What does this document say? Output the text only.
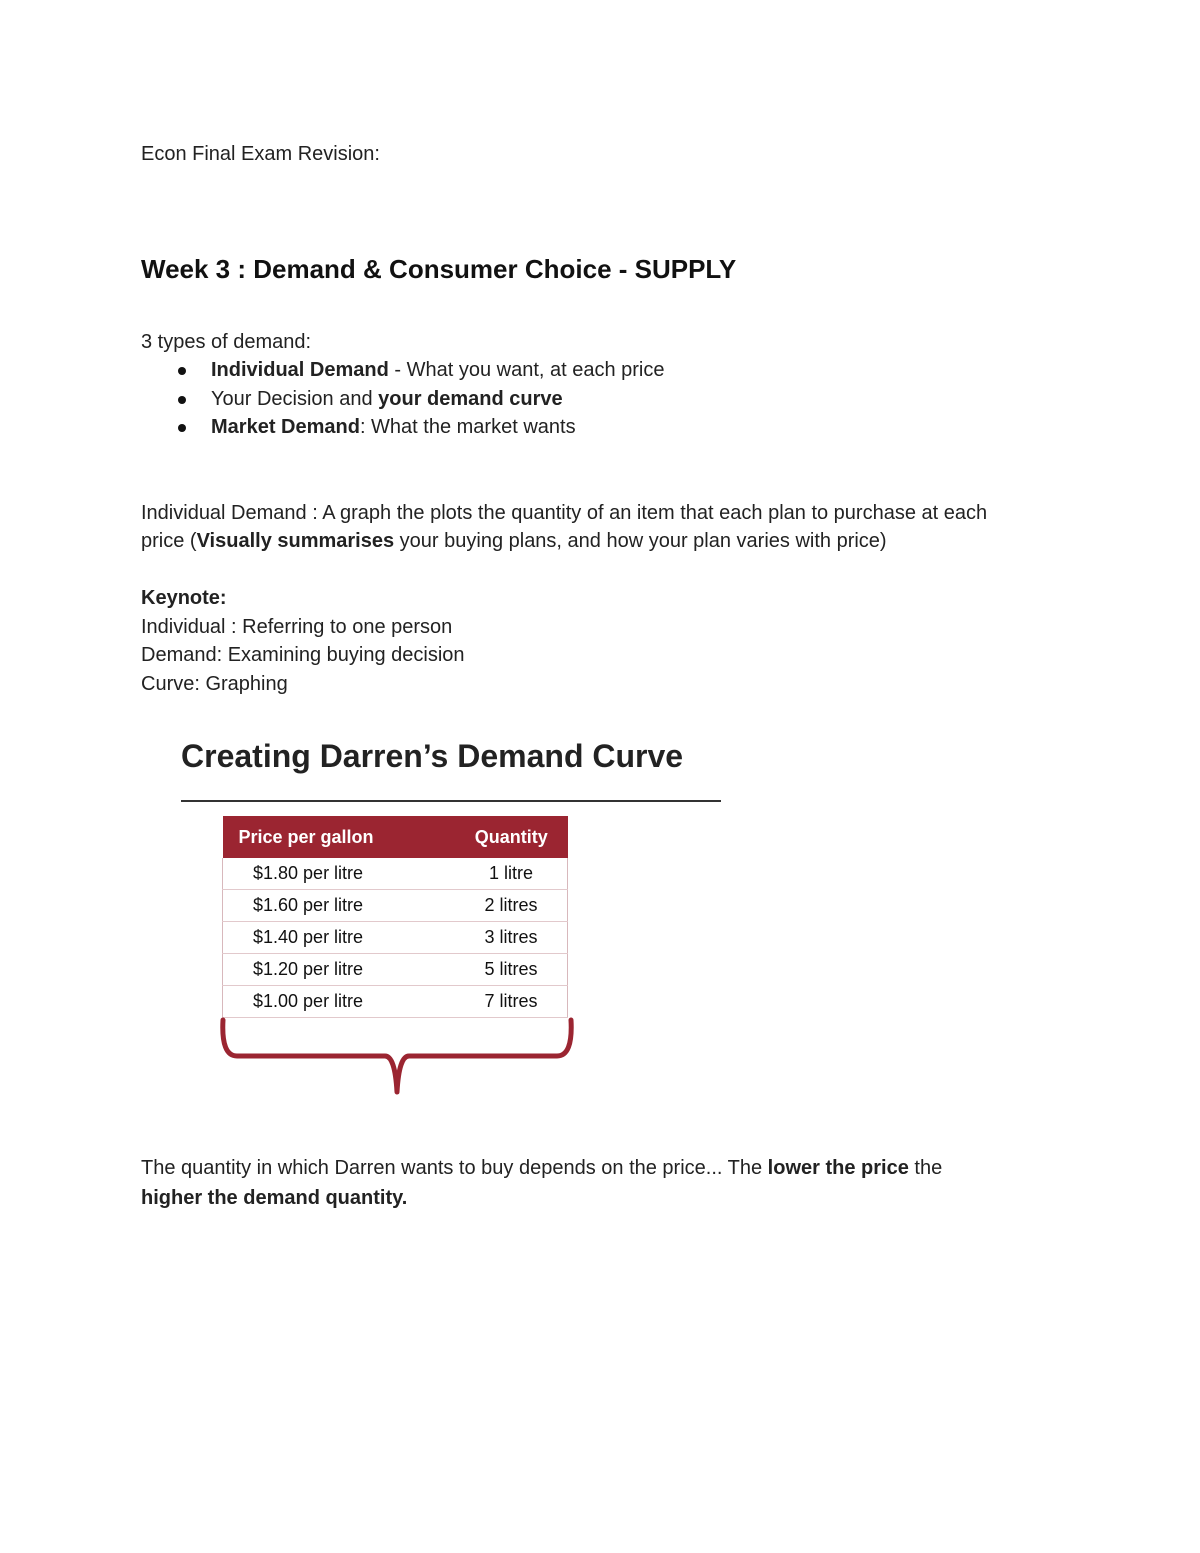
Econ Final Exam Revision:
Week 3 : Demand & Consumer Choice - SUPPLY
3 types of demand:
Individual Demand - What you want, at each price
Your Decision and your demand curve
Market Demand: What the market wants
Individual Demand : A graph the plots the quantity of an item that each plan to purchase at each
price (Visually summarises your buying plans, and how your plan varies with price)
Keynote:
Individual : Referring to one person
Demand: Examining buying decision
Curve: Graphing
Creating Darren’s Demand Curve
Price per gallon	Quantity
$1.80 per litre	1 litre
$1.60 per litre	2 litres
$1.40 per litre	3 litres
$1.20 per litre	5 litres
$1.00 per litre	7 litres
The quantity in which Darren wants to buy depends on the price... The lower the price the
higher the demand quantity.
